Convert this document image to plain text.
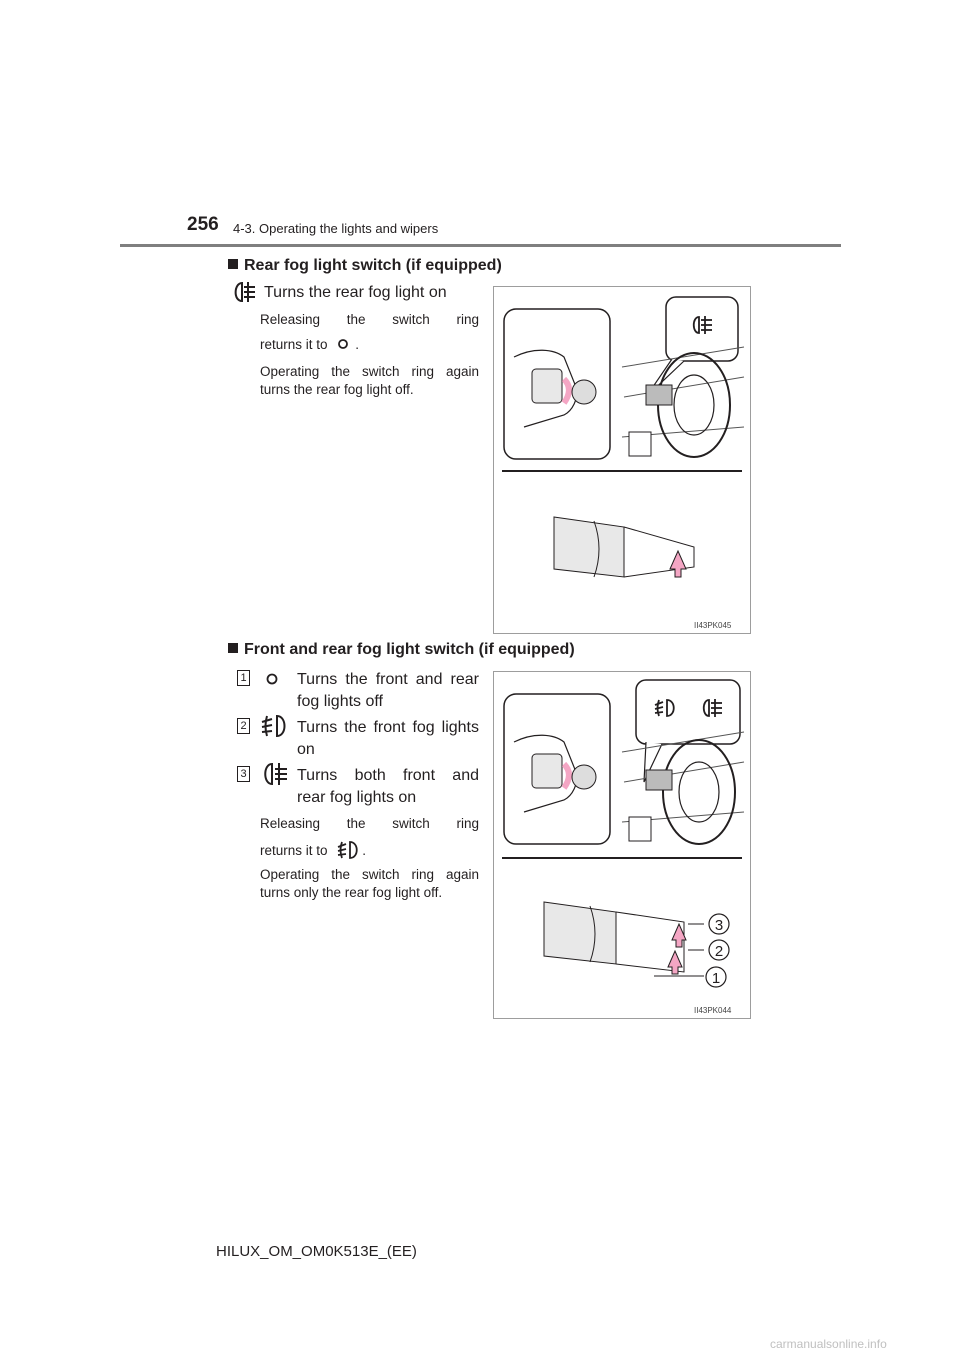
256 4-3. Operating the lights and wipers
Rear fog light switch (if equipped)
Turns the rear fog light on
Releasing the switch ring
returns it to .
Operating the switch ring again turns the rear fog light off.
II43PK045
Front and rear fog light switch (if equipped)
1	Turns the front and rear
fog lights off
2	Turns the front fog lights
on
3	Turns both front and
rear fog lights on
Releasing the switch ring
returns it to	.
Operating the switch ring again turns only the rear fog light off.
3
2
1
II43PK044
HILUX_OM_OM0K513E_(EE)
carmanualsonline.info
